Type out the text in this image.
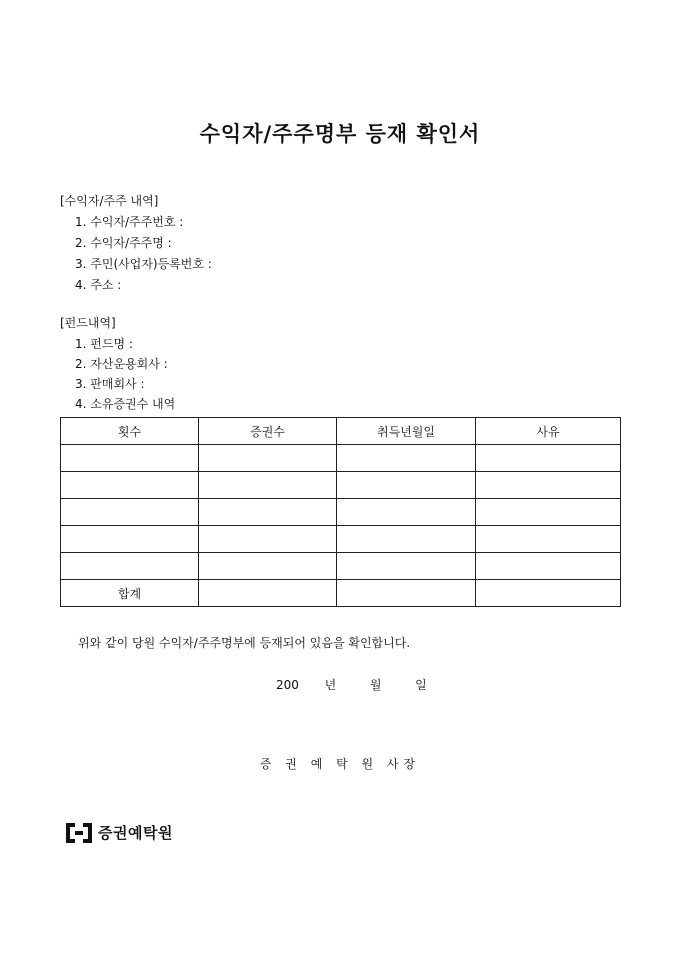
수익자/주주명부 등재 확인서
[수익자/주주 내역]
1. 수익자/주주번호 :
2. 수익자/주주명 :
3. 주민(사업자)등록번호 :
4. 주소 :
[펀드내역]
1. 펀드명 :
2. 자산운용회사 :
3. 판매회사 :
4. 소유증권수 내역
횟수	증권수	취득년월일	사유

합계			
위와 같이 당원 수익자/주주명부에 등재되어 있음을 확인합니다.
200 년	월	일
증 권 예 탁 원 사장
증권예탁원
